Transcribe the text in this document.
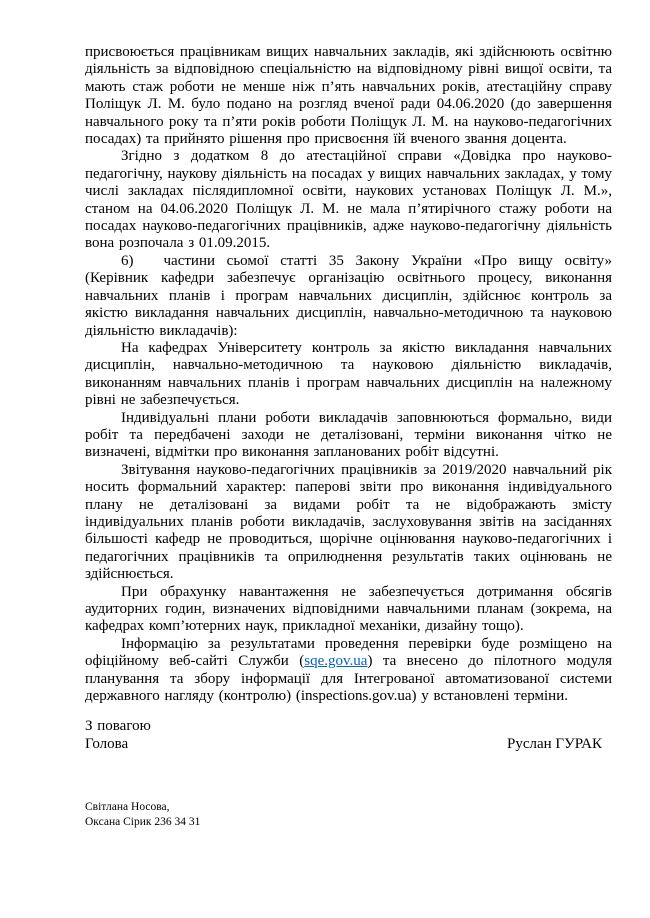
присвоюється працівникам вищих навчальних закладів, які здійснюють освітню діяльність за відповідною спеціальністю на відповідному рівні вищої освіти, та мають стаж роботи не менше ніж п’ять навчальних років, атестаційну справу Поліщук Л. М. було подано на розгляд вченої ради 04.06.2020 (до завершення навчального року та п’яти років роботи Поліщук Л. М. на науково-педагогічних посадах) та прийнято рішення про присвоєння їй вченого звання доцента.

Згідно з додатком 8 до атестаційної справи «Довідка про науково-педагогічну, наукову діяльність на посадах у вищих навчальних закладах, у тому числі закладах післядипломної освіти, наукових установах Поліщук Л. М.», станом на 04.06.2020 Поліщук Л. М. не мала п’ятирічного стажу роботи на посадах науково-педагогічних працівників, адже науково-педагогічну діяльність вона розпочала з 01.09.2015.

6) частини сьомої статті 35 Закону України «Про вищу освіту» (Керівник кафедри забезпечує організацію освітнього процесу, виконання навчальних планів і програм навчальних дисциплін, здійснює контроль за якістю викладання навчальних дисциплін, навчально-методичною та науковою діяльністю викладачів):

На кафедрах Університету контроль за якістю викладання навчальних дисциплін, навчально-методичною та науковою діяльністю викладачів, виконанням навчальних планів і програм навчальних дисциплін на належному рівні не забезпечується.

Індивідуальні плани роботи викладачів заповнюються формально, види робіт та передбачені заходи не деталізовані, терміни виконання чітко не визначені, відмітки про виконання запланованих робіт відсутні.

Звітування науково-педагогічних працівників за 2019/2020 навчальний рік носить формальний характер: паперові звіти про виконання індивідуального плану не деталізовані за видами робіт та не відображають змісту індивідуальних планів роботи викладачів, заслуховування звітів на засіданнях більшості кафедр не проводиться, щорічне оцінювання науково-педагогічних і педагогічних працівників та оприлюднення результатів таких оцінювань не здійснюється.

При обрахунку навантаження не забезпечується дотримання обсягів аудиторних годин, визначених відповідними навчальними планам (зокрема, на кафедрах комп’ютерних наук, прикладної механіки, дизайну тощо).

Інформацію за результатами проведення перевірки буде розміщено на офіційному веб-сайті Служби (sqe.gov.ua) та внесено до пілотного модуля планування та збору інформації для Інтегрованої автоматизованої системи державного нагляду (контролю) (inspections.gov.ua) у встановлені терміни.

З повагою

Голова	Руслан ГУРАК
Світлана Носова,
Оксана Сірик 236 34 31
